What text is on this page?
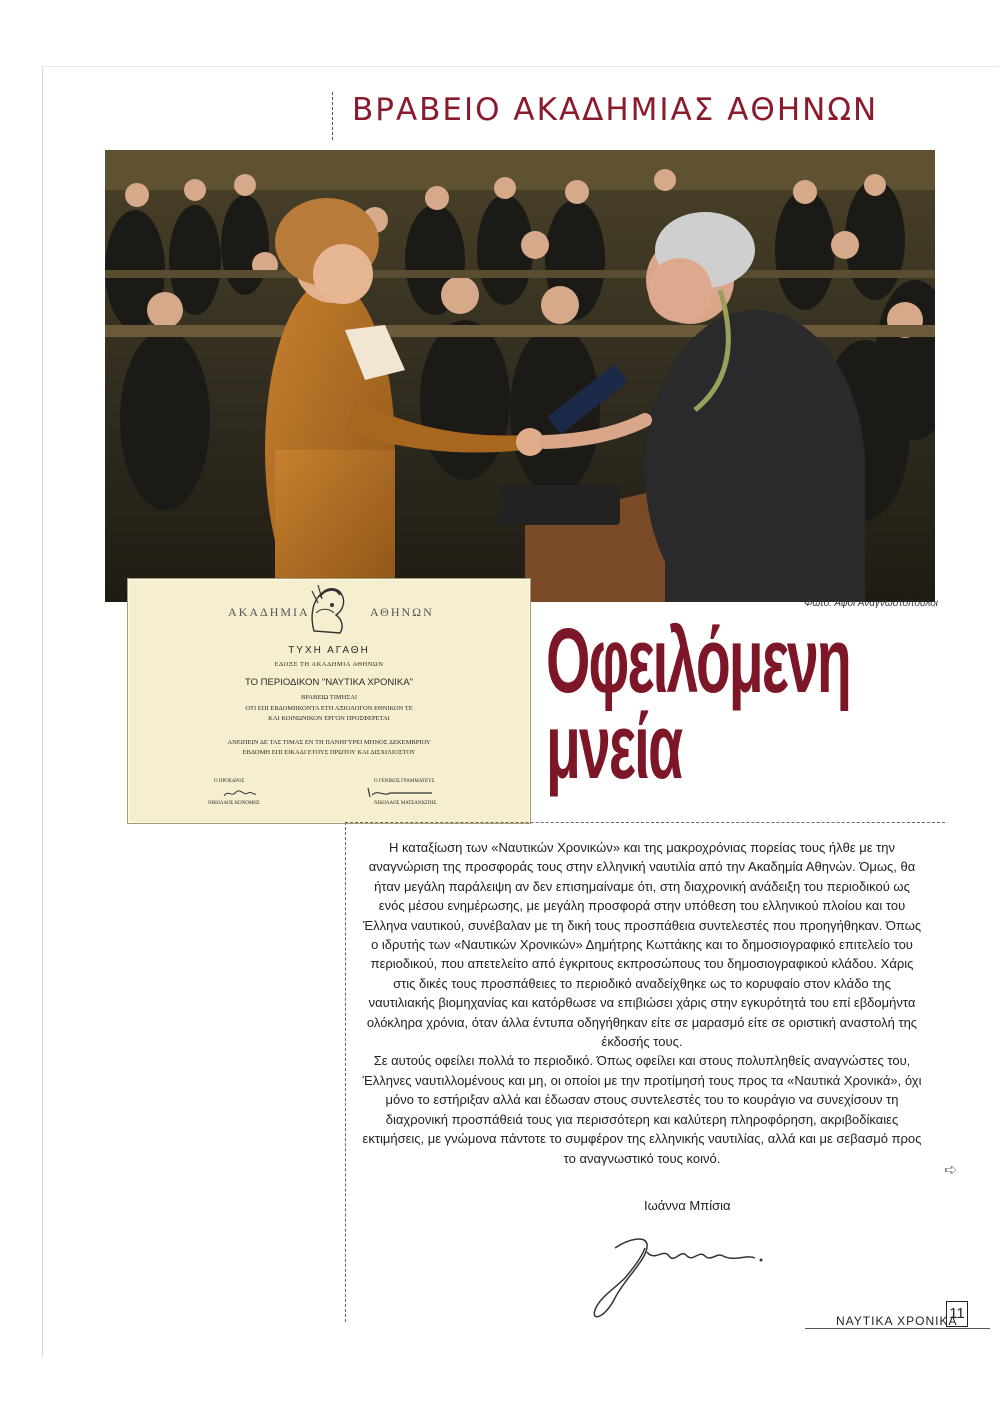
ΒΡΑΒΕΙΟ ΑΚΑΔΗΜΙΑΣ ΑΘΗΝΩΝ
Φωτο: Αφοί Αναγνωστόπουλοι
ΑΚΑΔΗΜΙΑ	ΑΘΗΝΩΝ
ΤΥΧΗ ΑΓΑΘΗ
ΕΔΟΞΕ ΤΗ ΑΚΑΔΗΜΙΑ ΑΘΗΝΩΝ
ΤΟ ΠΕΡΙΟΔΙΚΟΝ "ΝΑΥΤΙΚΑ ΧΡΟΝΙΚΑ"
ΒΡΑΒΕΙΩ ΤΙΜΗΣΑΙ
ΟΤΙ ΕΠΙ ΕΒΔΟΜΗΚΟΝΤΑ ΕΤΗ ΑΞΙΟΛΟΓΟΝ ΕΘΝΙΚΟΝ ΤΕ
ΚΑΙ ΚΟΙΝΩΝΙΚΟΝ ΕΡΓΟΝ ΠΡΟΣΦΕΡΕΤΑΙ
ΑΝΕΙΠΕΙΝ ΔΕ ΤΑΣ ΤΙΜΑΣ ΕΝ ΤΗ ΠΑΝΗΓΥΡΕΙ ΜΗΝΟΣ ΔΕΚΕΜΒΡΙΟΥ
ΕΒΔΟΜΗ ΕΠΙ ΕΙΚΑΔΙ ΕΤΟΥΣ ΠΡΩΤΟΥ ΚΑΙ ΔΙΣΧΙΛΙΟΣΤΟΥ
Ο ΠΡΟΕΔΡΟΣ
ΝΙΚΟΛΑΟΣ ΚΟΝΟΜΗΣ
Ο ΓΕΝΙΚΟΣ ΓΡΑΜΜΑΤΕΥΣ
ΝΙΚΟΛΑΟΣ ΜΑΤΣΑΝΙΩΤΗΣ
Οφειλόμενη
μνεία

Η καταξίωση των «Ναυτικών Χρονικών» και της μακροχρόνιας πορείας τους ήλθε με την αναγνώριση της προσφοράς τους στην ελληνική ναυτιλία από την Ακαδημία Αθηνών. Όμως, θα ήταν μεγάλη παράλειψη αν δεν επισημαίναμε ότι, στη διαχρονική ανάδειξη του περιοδικού ως ενός μέσου ενημέρωσης, με μεγάλη προσφορά στην υπόθεση του ελληνικού πλοίου και του Έλληνα ναυτικού, συνέβαλαν με τη δική τους προσπάθεια συντελεστές που προηγήθηκαν. Όπως ο ιδρυτής των «Ναυτικών Χρονικών» Δημήτρης Κωττάκης και το δημοσιογραφικό επιτελείο του περιοδικού, που απετελείτο από έγκριτους εκπροσώπους του δημοσιογραφικού κλάδου. Χάρις στις δικές τους προσπάθειες το περιοδικό αναδείχθηκε ως το κορυφαίο στον κλάδο της ναυτιλιακής βιομηχανίας και κατόρθωσε να επιβιώσει χάρις στην εγκυρότητά του επί εβδομήντα ολόκληρα χρόνια, όταν άλλα έντυπα οδηγήθηκαν είτε σε μαρασμό είτε σε οριστική αναστολή της έκδοσής τους.

Σε αυτούς οφείλει πολλά το περιοδικό. Όπως οφείλει και στους πολυπληθείς αναγνώστες του, Έλληνες ναυτιλλομένους και μη, οι οποίοι με την προτίμησή τους προς τα «Ναυτικά Χρονικά», όχι μόνο το εστήριξαν αλλά και έδωσαν στους συντελεστές του το κουράγιο να συνεχίσουν τη διαχρονική προσπάθειά τους για περισσότερη και καλύτερη πληροφόρηση, ακριβοδίκαιες εκτιμήσεις, με γνώμονα πάντοτε το συμφέρον της ελληνικής ναυτιλίας, αλλά και με σεβασμό προς το αναγνωστικό τους κοινό.

➪
Ιωάννα Μπίσια
ΝΑΥΤΙΚΑ ΧΡΟΝΙΚΑ
11
